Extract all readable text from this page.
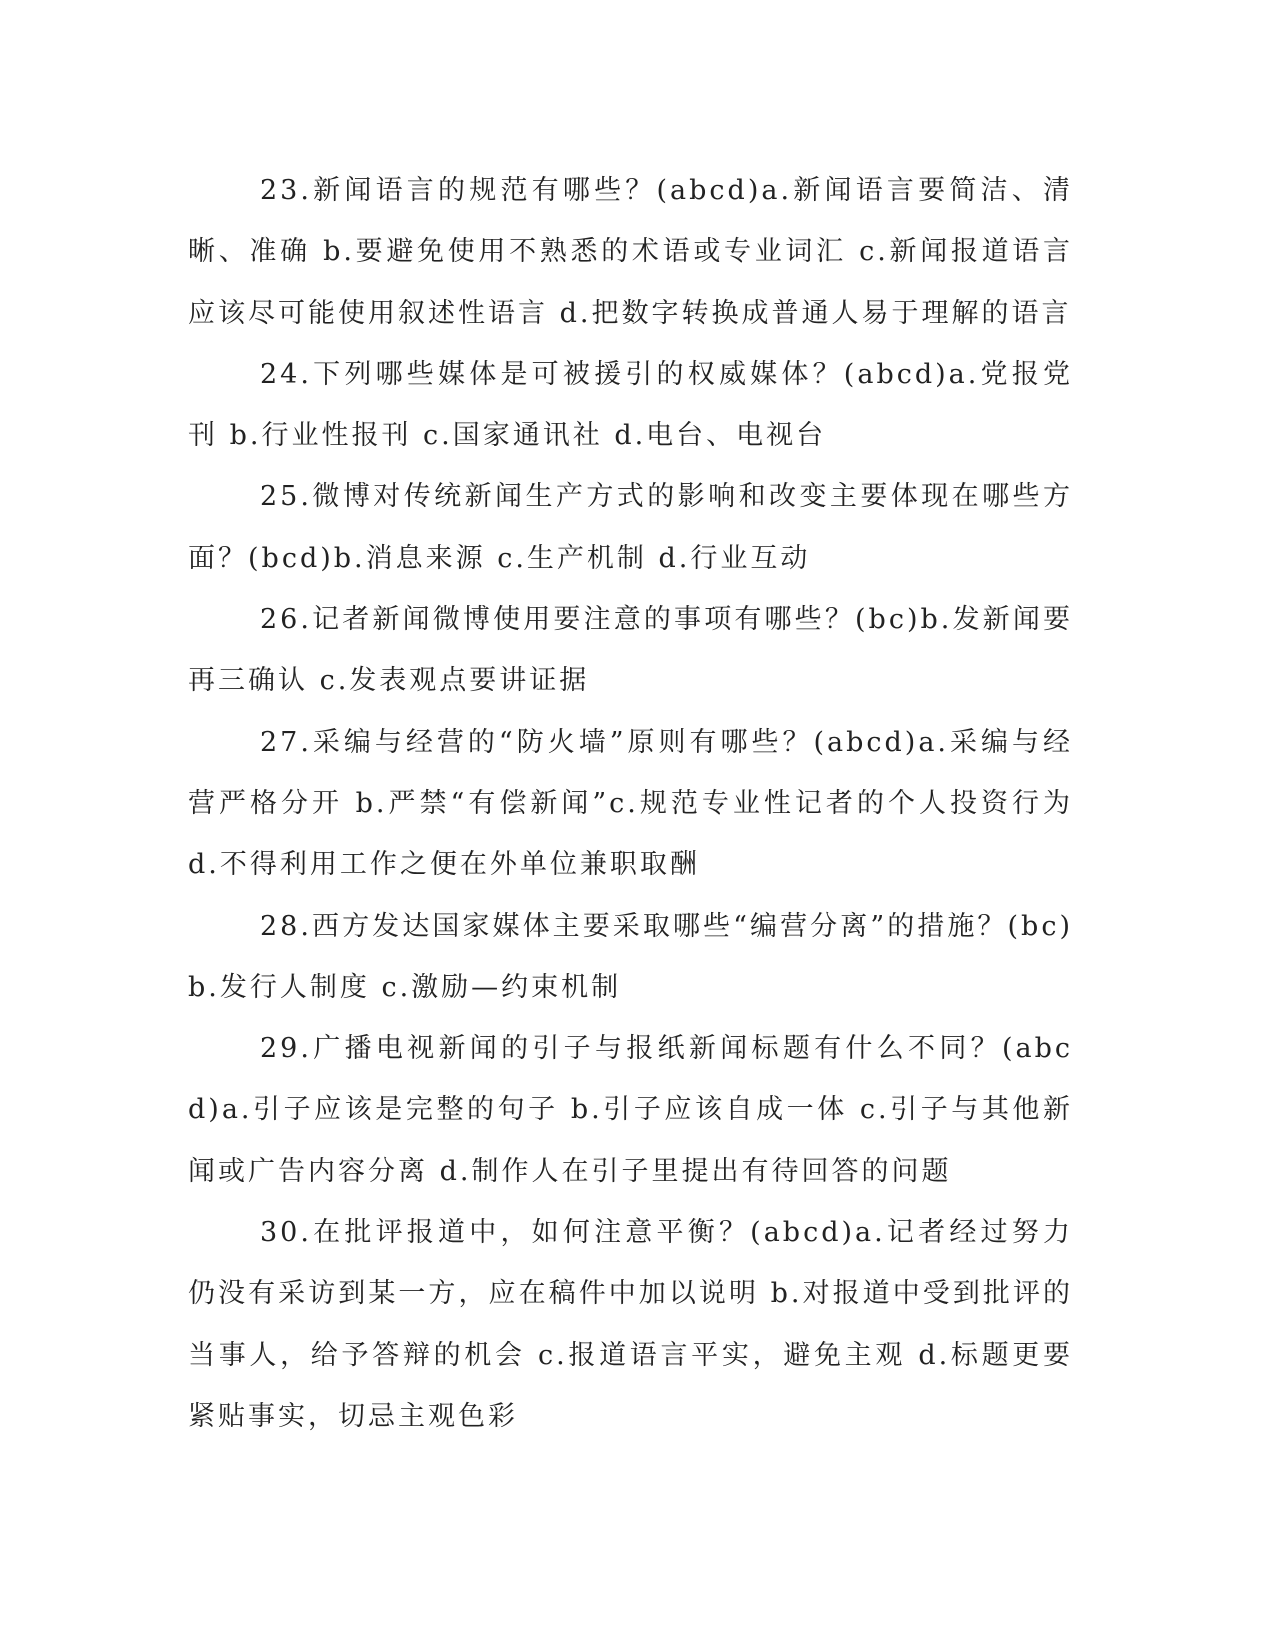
23.新闻语言的规范有哪些？(abcd)a.新闻语言要简洁、清晰、准确 b.要避免使用不熟悉的术语或专业词汇 c.新闻报道语言应该尽可能使用叙述性语言 d.把数字转换成普通人易于理解的语言

24.下列哪些媒体是可被援引的权威媒体？(abcd)a.党报党刊 b.行业性报刊 c.国家通讯社 d.电台、电视台

25.微博对传统新闻生产方式的影响和改变主要体现在哪些方面？(bcd)b.消息来源 c.生产机制 d.行业互动

26.记者新闻微博使用要注意的事项有哪些？(bc)b.发新闻要再三确认 c.发表观点要讲证据

27.采编与经营的“防火墙”原则有哪些？(abcd)a.采编与经营严格分开 b.严禁“有偿新闻”c.规范专业性记者的个人投资行为 d.不得利用工作之便在外单位兼职取酬

28.西方发达国家媒体主要采取哪些“编营分离”的措施？(bc)b.发行人制度 c.激励—约束机制

29.广播电视新闻的引子与报纸新闻标题有什么不同？(abcd)a.引子应该是完整的句子 b.引子应该自成一体 c.引子与其他新闻或广告内容分离 d.制作人在引子里提出有待回答的问题

30.在批评报道中，如何注意平衡？(abcd)a.记者经过努力仍没有采访到某一方，应在稿件中加以说明 b.对报道中受到批评的当事人，给予答辩的机会 c.报道语言平实，避免主观 d.标题更要紧贴事实，切忌主观色彩
